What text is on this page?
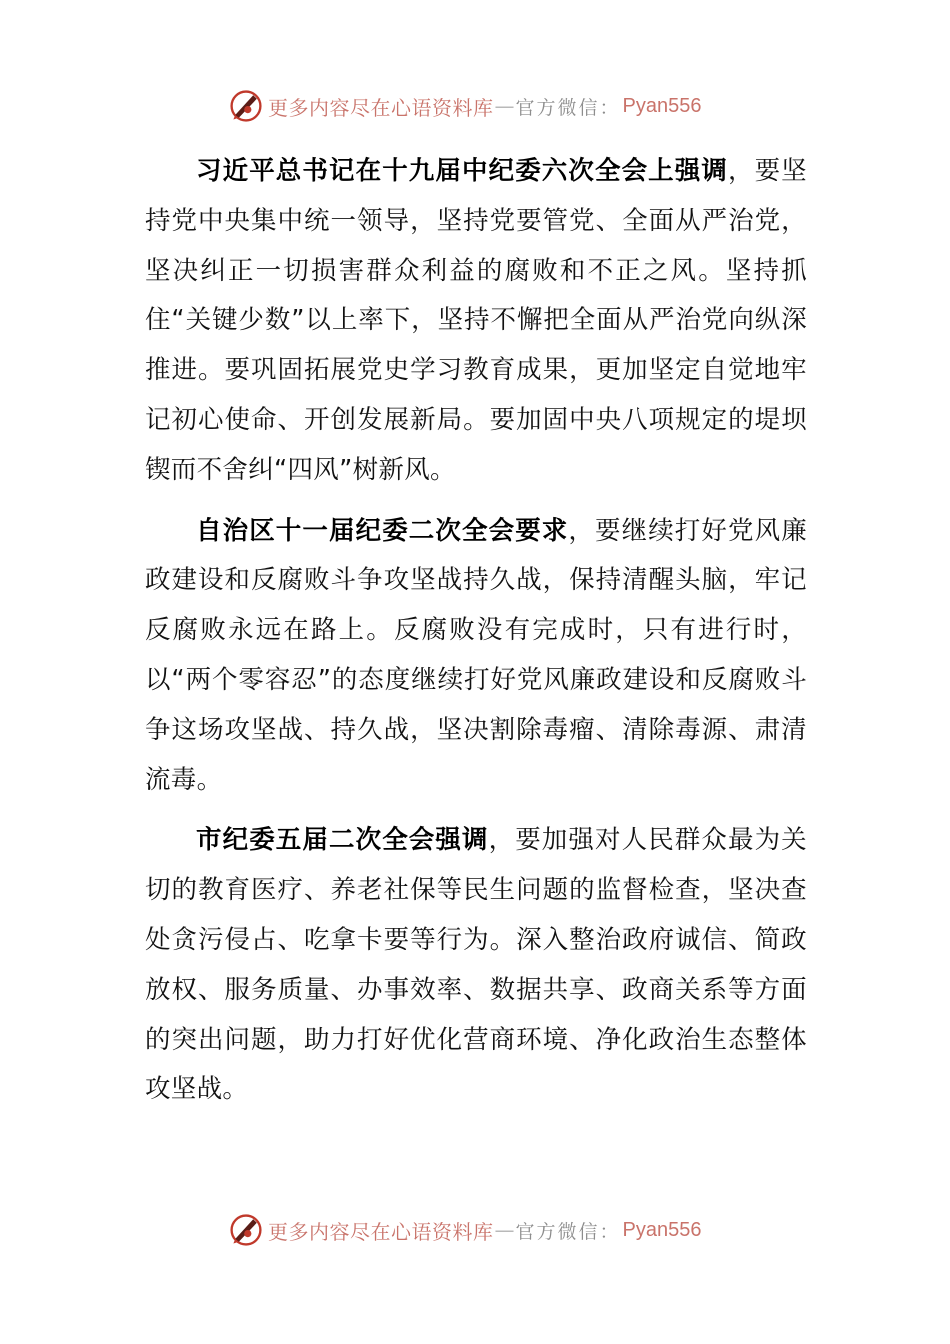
更多内容尽在心语资料库 — 官方微信： Pyan556

习近平总书记在十九届中纪委六次全会上强调，要坚持党中央集中统一领导，坚持党要管党、全面从严治党，坚决纠正一切损害群众利益的腐败和不正之风。坚持抓住“关键少数”以上率下，坚持不懈把全面从严治党向纵深推进。要巩固拓展党史学习教育成果，更加坚定自觉地牢记初心使命、开创发展新局。要加固中央八项规定的堤坝锲而不舍纠“四风”树新风。

自治区十一届纪委二次全会要求，要继续打好党风廉政建设和反腐败斗争攻坚战持久战，保持清醒头脑，牢记反腐败永远在路上。反腐败没有完成时，只有进行时，以“两个零容忍”的态度继续打好党风廉政建设和反腐败斗争这场攻坚战、持久战，坚决割除毒瘤、清除毒源、肃清流毒。

市纪委五届二次全会强调，要加强对人民群众最为关切的教育医疗、养老社保等民生问题的监督检查，坚决查处贪污侵占、吃拿卡要等行为。深入整治政府诚信、简政放权、服务质量、办事效率、数据共享、政商关系等方面的突出问题，助力打好优化营商环境、净化政治生态整体攻坚战。

更多内容尽在心语资料库 — 官方微信： Pyan556
